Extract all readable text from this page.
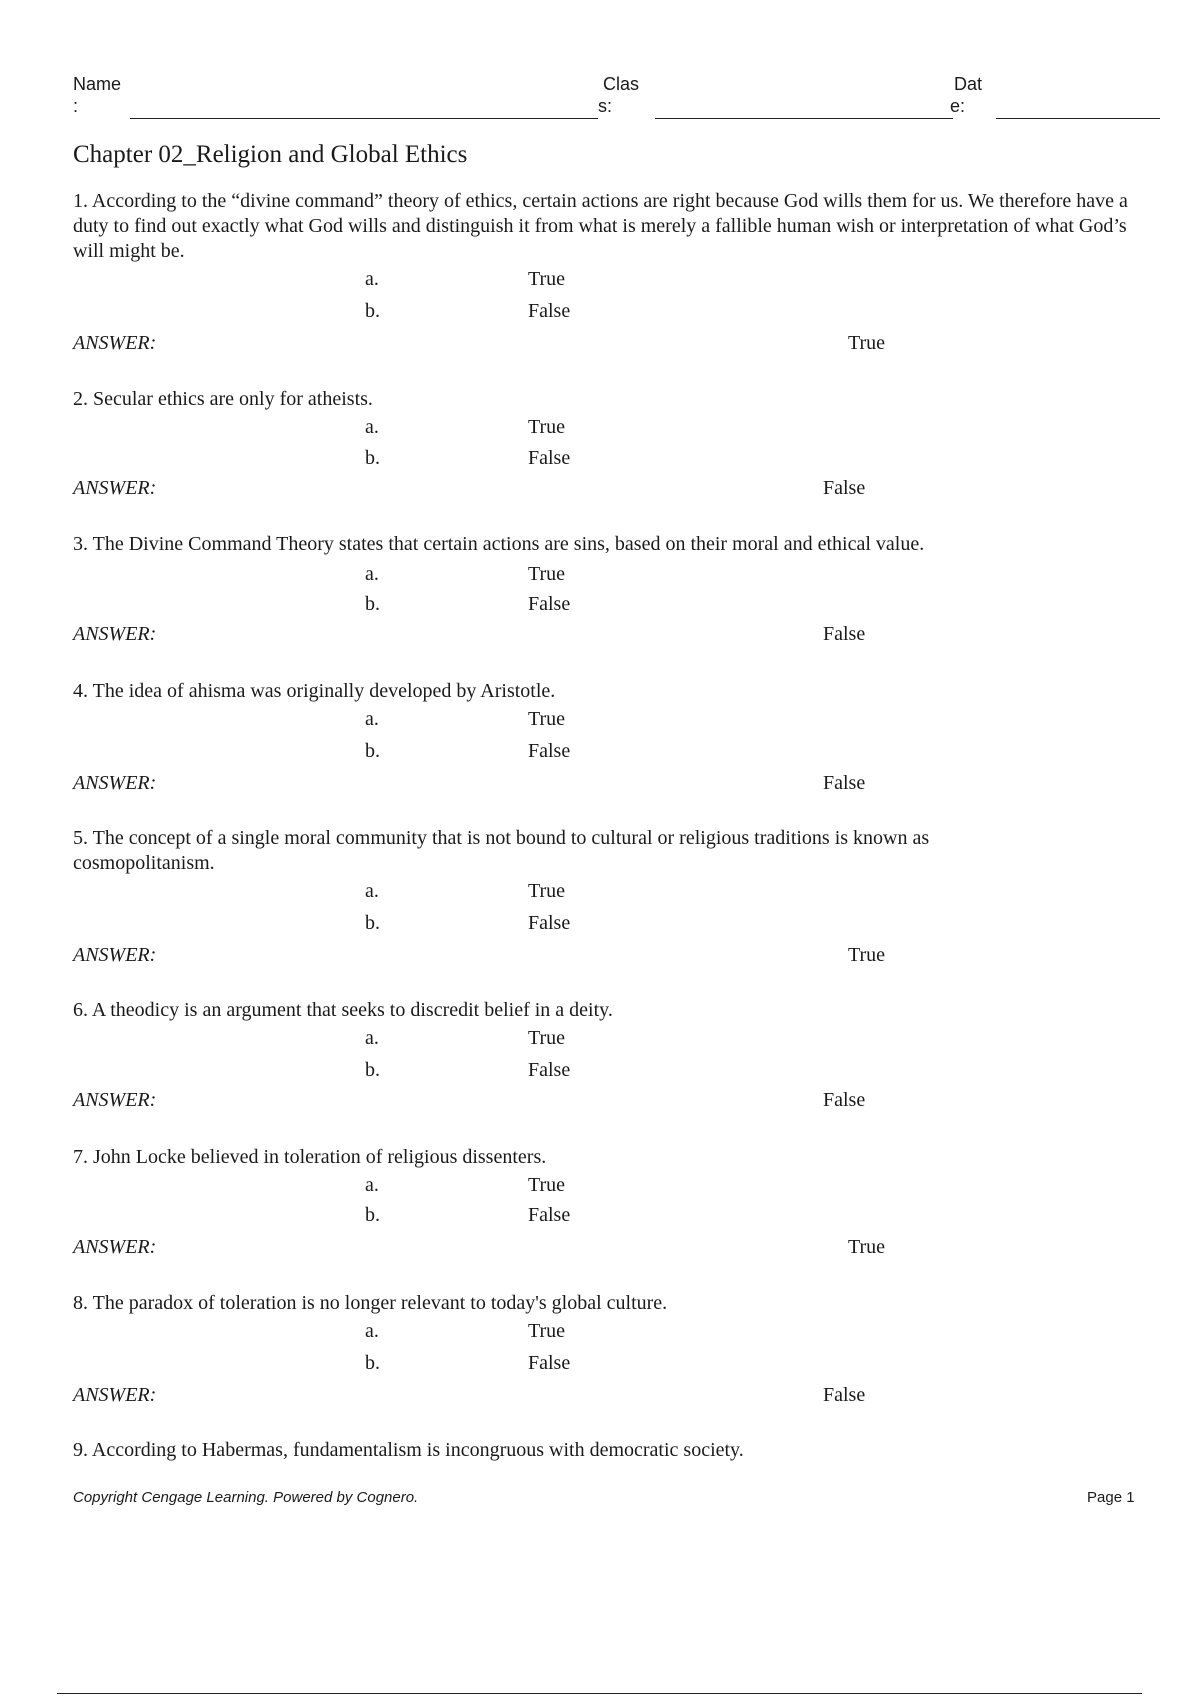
Name
:
Clas
s:
Dat
e:
Chapter 02_Religion and Global Ethics

1. According to the “divine command” theory of ethics, certain actions are right because God wills them for us. We therefore have a duty to find out exactly what God wills and distinguish it from what is merely a fallible human wish or interpretation of what God’s will might be.

a.	True
b.	False
ANSWER:	True

2. Secular ethics are only for atheists.

a.	True
b.	False
ANSWER:	False

3. The Divine Command Theory states that certain actions are sins, based on their moral and ethical value.

a.	True
b.	False
ANSWER:	False

4. The idea of ahisma was originally developed by Aristotle.

a.	True
b.	False
ANSWER:	False

5. The concept of a single moral community that is not bound to cultural or religious traditions is known as cosmopolitanism.

a.	True
b.	False
ANSWER:	True

6. A theodicy is an argument that seeks to discredit belief in a deity.

a.	True
b.	False
ANSWER:	False

7. John Locke believed in toleration of religious dissenters.

a.	True
b.	False
ANSWER:	True

8. The paradox of toleration is no longer relevant to today's global culture.

a.	True
b.	False
ANSWER:	False

9. According to Habermas, fundamentalism is incongruous with democratic society.

Copyright Cengage Learning. Powered by Cognero.	Page 1
